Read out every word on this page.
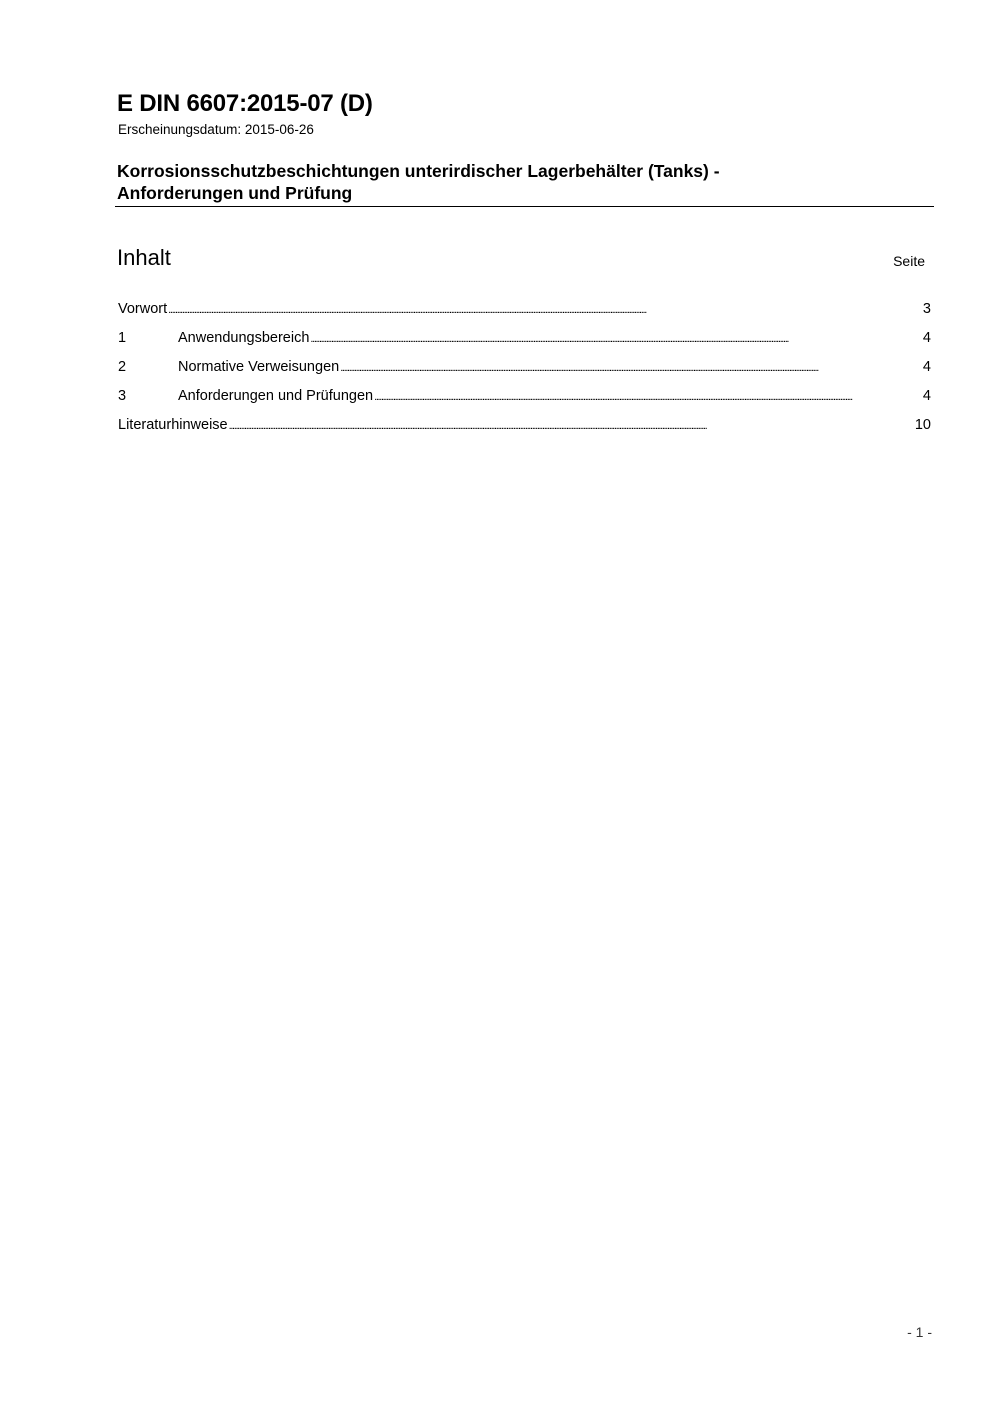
E DIN 6607:2015-07 (D)
Erscheinungsdatum: 2015-06-26
Korrosionsschutzbeschichtungen unterirdischer Lagerbehälter (Tanks) -
Anforderungen und Prüfung
Inhalt	Seite
Vorwort . . .	3
1	Anwendungsbereich . . .	4
2	Normative Verweisungen . . .	4
3	Anforderungen und Prüfungen . . .	4
Literaturhinweise . . .	10
- 1 -
